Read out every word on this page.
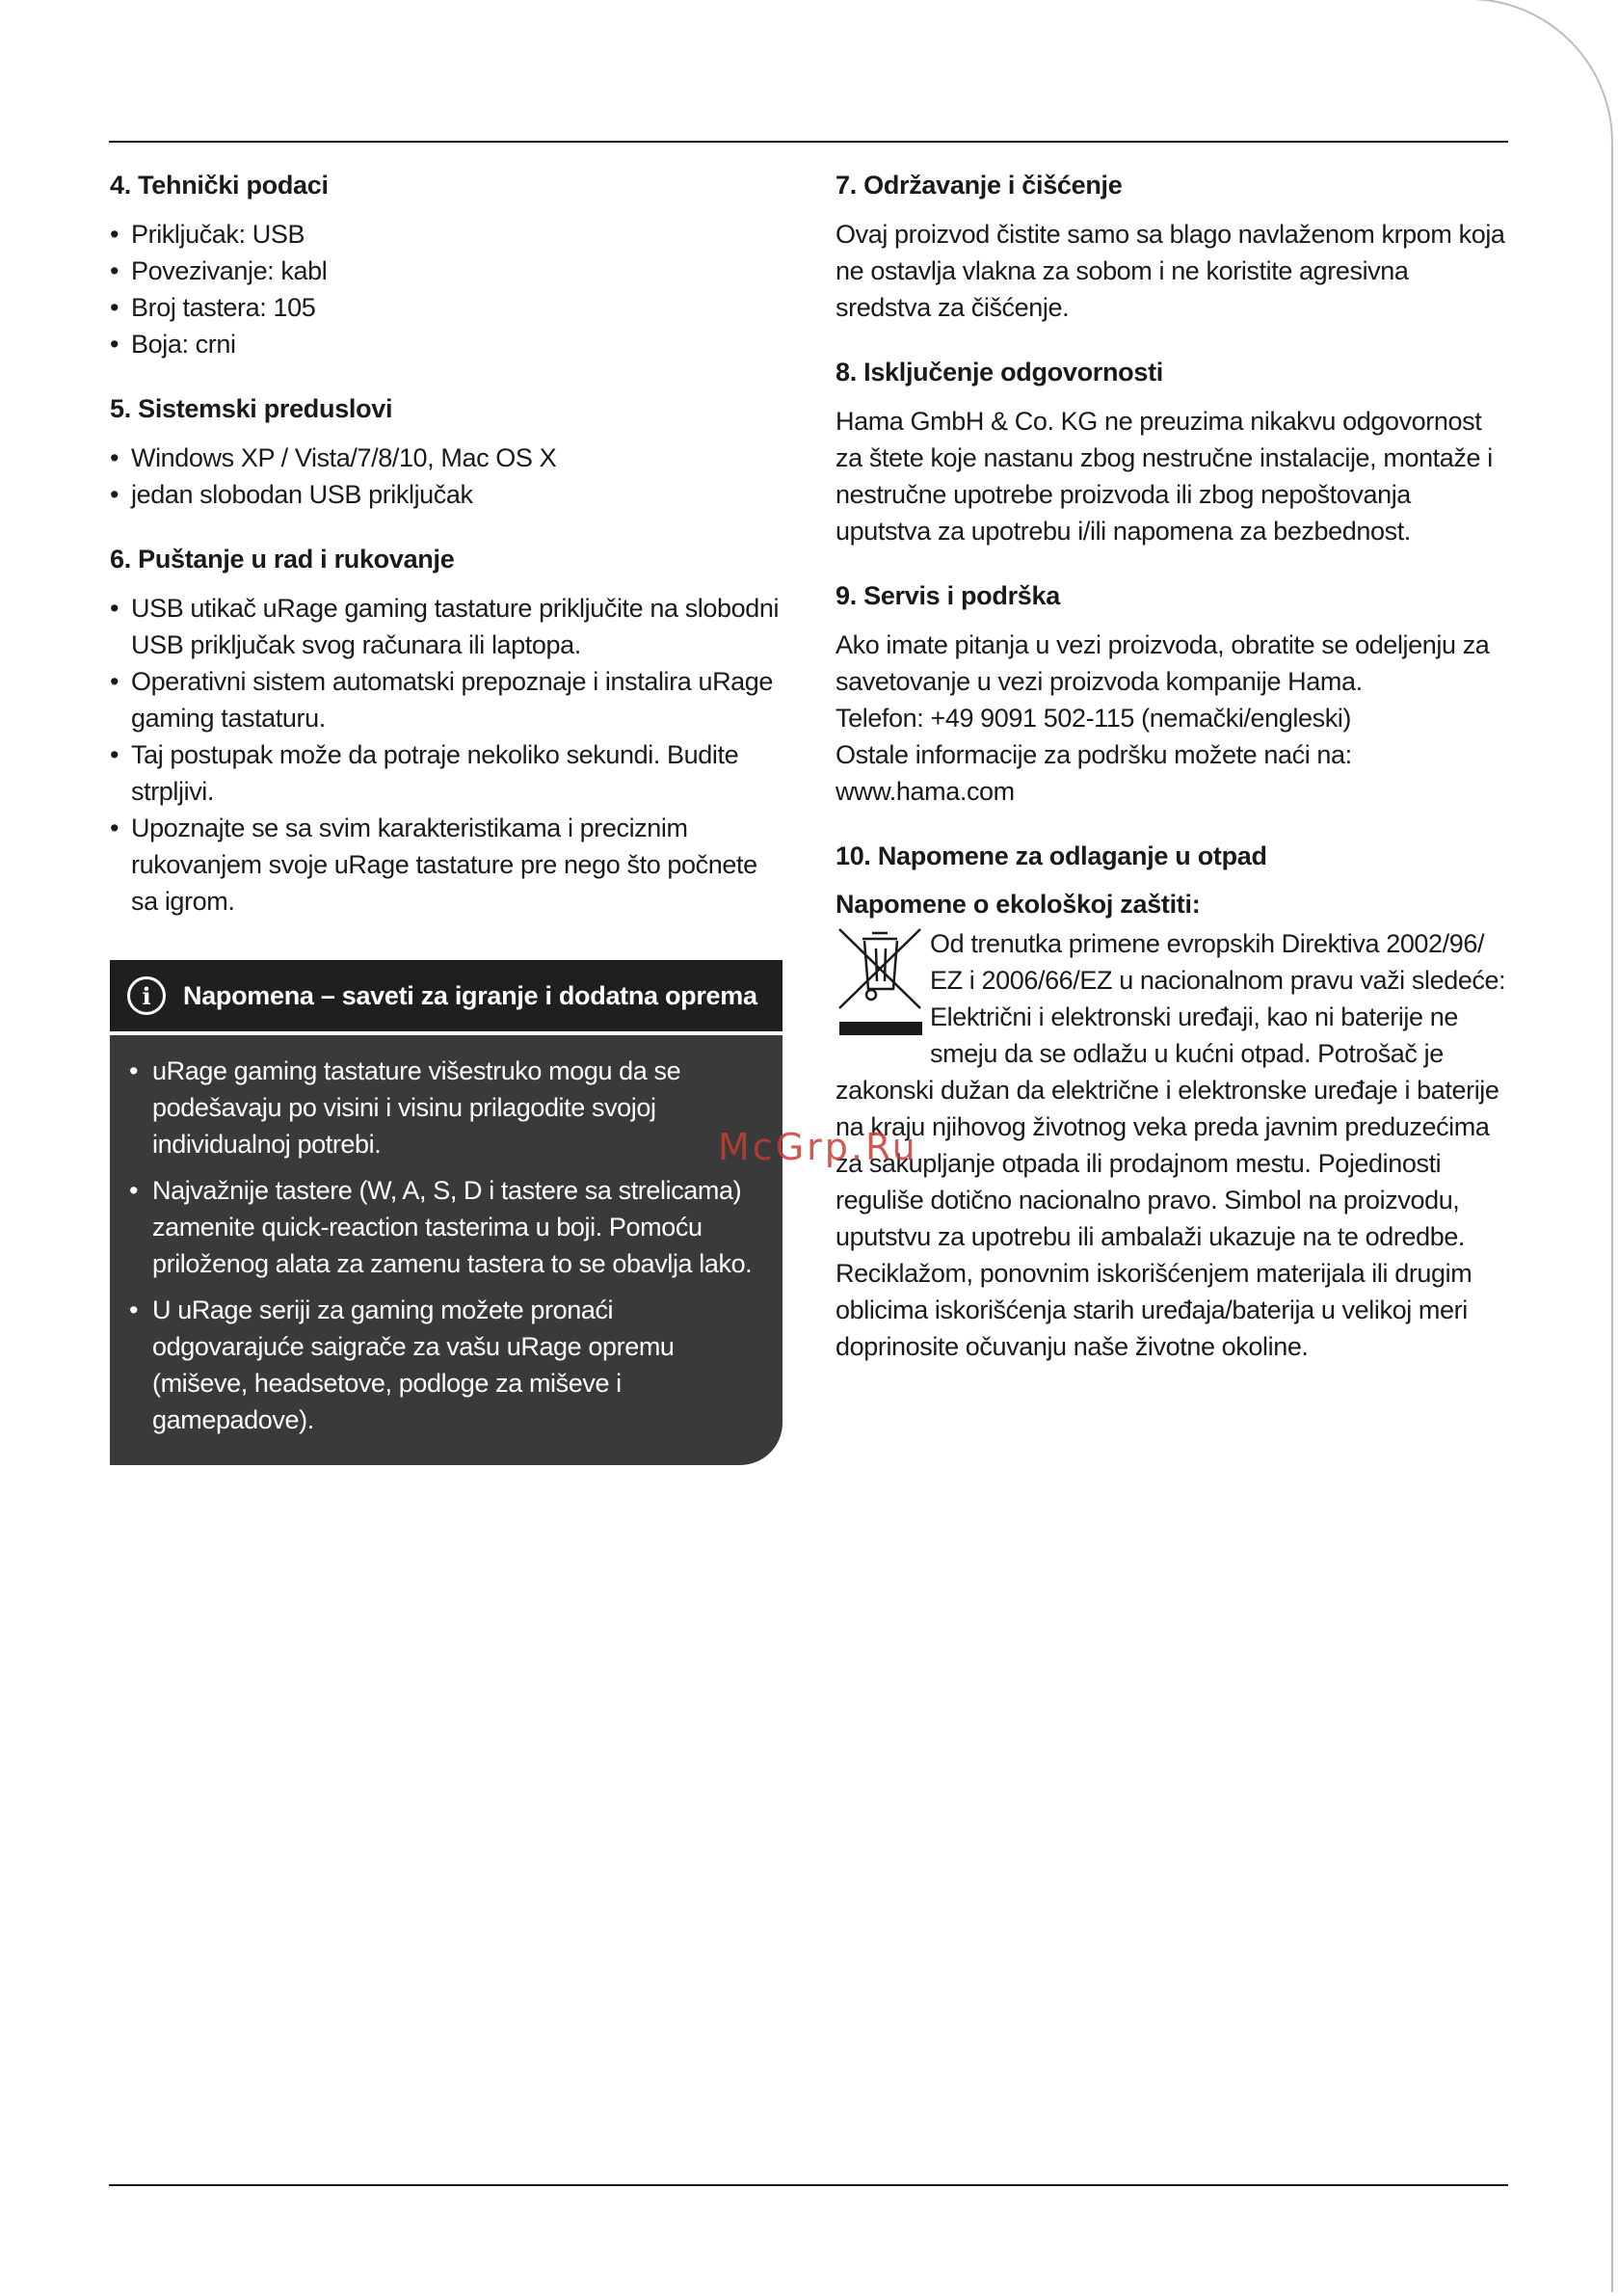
4. Tehnički podaci
• Priključak: USB
• Povezivanje: kabl
• Broj tastera: 105
• Boja: crni
5. Sistemski preduslovi
• Windows XP / Vista/7/8/10, Mac OS X
• jedan slobodan USB priključak
6. Puštanje u rad i rukovanje
• USB utikač uRage gaming tastature priključite na slobodni USB priključak svog računara ili laptopa.
• Operativni sistem automatski prepoznaje i instalira uRage gaming tastaturu.
• Taj postupak može da potraje nekoliko sekundi. Budite strpljivi.
• Upoznajte se sa svim karakteristikama i preciznim rukovanjem svoje uRage tastature pre nego što počnete sa igrom.
i	Napomena – saveti za igranje i dodatna oprema
• uRage gaming tastature višestruko mogu da se podešavaju po visini i visinu prilagodite svojoj individualnoj potrebi.
• Najvažnije tastere (W, A, S, D i tastere sa strelicama) zamenite quick-reaction tasterima u boji. Pomoću priloženog alata za zamenu tastera to se obavlja lako.
• U uRage seriji za gaming možete pronaći odgovarajuće saigrače za vašu uRage opremu (miševe, headsetove, podloge za miševe i gamepadove).
7. Održavanje i čišćenje

Ovaj proizvod čistite samo sa blago navlaženom krpom koja ne ostavlja vlakna za sobom i ne koristite agresivna sredstva za čišćenje.

8. Isključenje odgovornosti

Hama GmbH & Co. KG ne preuzima nikakvu odgovornost za štete koje nastanu zbog nestručne instalacije, montaže i nestručne upotrebe proizvoda ili zbog nepoštovanja uputstva za upotrebu i/ili napomena za bezbednost.

9. Servis i podrška

Ako imate pitanja u vezi proizvoda, obratite se odeljenju za savetovanje u vezi proizvoda kompanije Hama.

Telefon: +49 9091 502-115 (nemački/engleski)

Ostale informacije za podršku možete naći na:

www.hama.com

10. Napomene za odlaganje u otpad
Napomene o ekološkoj zaštiti:

Od trenutka primene evropskih Direktiva 2002/96/

EZ i 2006/66/EZ u nacionalnom pravu važi sledeće:

Električni i elektronski uređaji, kao ni baterije ne

smeju da se odlažu u kućni otpad. Potrošač je

zakonski dužan da električne i elektronske uređaje i baterije na kraju njihovog životnog veka preda javnim preduzećima za sakupljanje otpada ili prodajnom mestu. Pojedinosti reguliše dotično nacionalno pravo. Simbol na proizvodu, uputstvu za upotrebu ili ambalaži ukazuje na te odredbe. Reciklažom, ponovnim iskorišćenjem materijala ili drugim oblicima iskorišćenja starih uređaja/baterija u velikoj meri doprinosite očuvanju naše životne okoline.

McGrp.Ru
